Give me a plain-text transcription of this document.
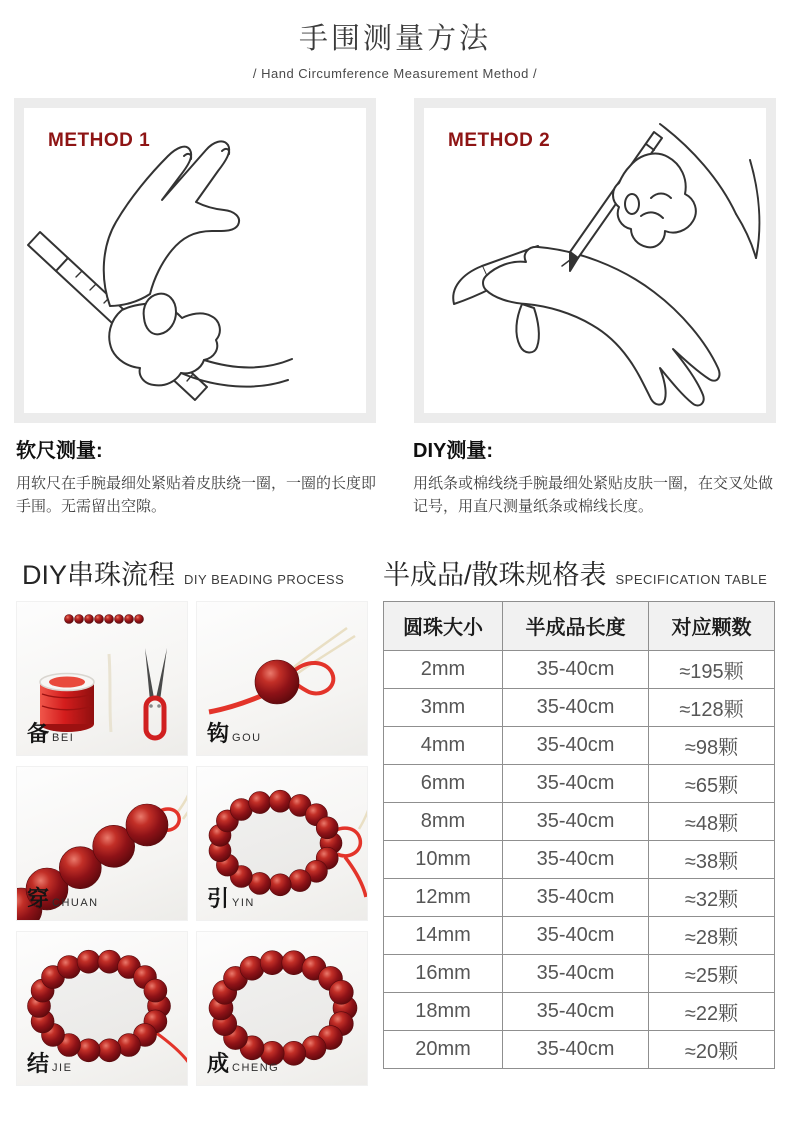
手围测量方法
/ Hand Circumference Measurement Method /
METHOD 1	METHOD 2
软尺测量:

用软尺在手腕最细处紧贴着皮肤绕一圈，一圈的长度即手围。无需留出空隙。

DIY测量:

用纸条或棉线绕手腕最细处紧贴皮肤一圈，在交叉处做记号，用直尺测量纸条或棉线长度。

DIY串珠流程 DIY BEADING PROCESS
备BEI	钩GOU
穿CHUAN	引YIN
结JIE	成CHENG
半成品/散珠规格表 SPECIFICATION TABLE
圆珠大小	半成品长度	对应颗数
2mm	35-40cm	≈195颗
3mm	35-40cm	≈128颗
4mm	35-40cm	≈98颗
6mm	35-40cm	≈65颗
8mm	35-40cm	≈48颗
10mm	35-40cm	≈38颗
12mm	35-40cm	≈32颗
14mm	35-40cm	≈28颗
16mm	35-40cm	≈25颗
18mm	35-40cm	≈22颗
20mm	35-40cm	≈20颗
